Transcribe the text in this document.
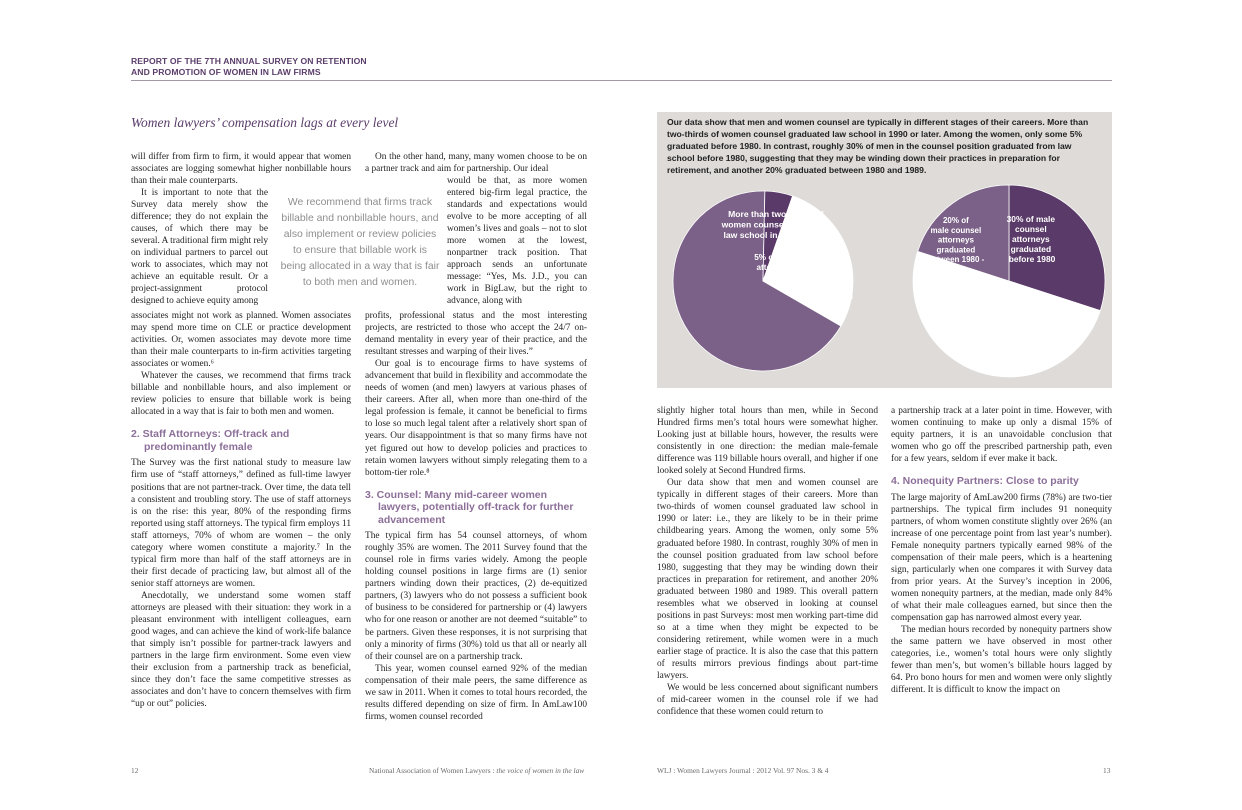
REPORT OF THE 7TH ANNUAL SURVEY ON RETENTION
AND PROMOTION OF WOMEN IN LAW FIRMS
Women lawyers’ compensation lags at every level

will differ from firm to firm, it would appear that women associates are logging somewhat higher nonbillable hours than their male counterparts.

It is important to note that the Survey data merely show the difference; they do not explain the causes, of which there may be several. A traditional firm might rely on individual partners to parcel out work to associates, which may not achieve an equitable result. Or a project-assignment protocol designed to achieve equity among

associates might not work as planned. Women associates may spend more time on CLE or practice development activities. Or, women associates may devote more time than their male counterparts to in-firm activities targeting associates or women.⁶

Whatever the causes, we recommend that firms track billable and nonbillable hours, and also implement or review policies to ensure that billable work is being allocated in a way that is fair to both men and women.

2. Staff Attorneys: Off-track and predominantly female

The Survey was the first national study to measure law firm use of “staff attorneys,” defined as full-time lawyer positions that are not partner-track. Over time, the data tell a consistent and troubling story. The use of staff attorneys is on the rise: this year, 80% of the responding firms reported using staff attorneys. The typical firm employs 11 staff attorneys, 70% of whom are women – the only category where women constitute a majority.⁷ In the typical firm more than half of the staff attorneys are in their first decade of practicing law, but almost all of the senior staff attorneys are women.

Anecdotally, we understand some women staff attorneys are pleased with their situation: they work in a pleasant environment with intelligent colleagues, earn good wages, and can achieve the kind of work-life balance that simply isn’t possible for partner-track lawyers and partners in the large firm environment. Some even view their exclusion from a partnership track as beneficial, since they don’t face the same competitive stresses as associates and don’t have to concern themselves with firm “up or out” policies.

We recommend that firms track billable and nonbillable hours, and also implement or review policies to ensure that billable work is being allocated in a way that is fair to both men and women.

On the other hand, many, many women choose to be on a partner track and aim for partnership. Our ideal

would be that, as more women entered big-firm legal practice, the standards and expectations would evolve to be more accepting of all women’s lives and goals – not to slot more women at the lowest, nonpartner track position. That approach sends an unfortunate message: “Yes, Ms. J.D., you can work in BigLaw, but the right to advance, along with

profits, professional status and the most interesting projects, are restricted to those who accept the 24/7 on-demand mentality in every year of their practice, and the resultant stresses and warping of their lives.”

Our goal is to encourage firms to have systems of advancement that build in flexibility and accommodate the needs of women (and men) lawyers at various phases of their careers. After all, when more than one-third of the legal profession is female, it cannot be beneficial to firms to lose so much legal talent after a relatively short span of years. Our disappointment is that so many firms have not yet figured out how to develop policies and practices to retain women lawyers without simply relegating them to a bottom-tier role.⁸

3. Counsel: Many mid-career women lawyers, potentially off-track for further advancement

The typical firm has 54 counsel attorneys, of whom roughly 35% are women. The 2011 Survey found that the counsel role in firms varies widely. Among the people holding counsel positions in large firms are (1) senior partners winding down their practices, (2) de-equitized partners, (3) lawyers who do not possess a sufficient book of business to be considered for partnership or (4) lawyers who for one reason or another are not deemed “suitable” to be partners. Given these responses, it is not surprising that only a minority of firms (30%) told us that all or nearly all of their counsel are on a partnership track.

This year, women counsel earned 92% of the median compensation of their male peers, the same difference as we saw in 2011. When it comes to total hours recorded, the results differed depending on size of firm. In AmLaw100 firms, women counsel recorded

Our data show that men and women counsel are typically in different stages of their careers. More than two-thirds of women counsel graduated law school in 1990 or later. Among the women, only some 5% graduated before 1980. In contrast, roughly 30% of men in the counsel position graduated from law school before 1980, suggesting that they may be winding down their practices in preparation for retirement, and another 20% graduated between 1980 and 1989.
More than two-thirds of women counsel graduated law school in 1990 or later
5% of female counsel attorneys graduated before 1980
20% of male counsel attorneys graduated between 1980 - 1989
30% of male counsel attorneys graduated before 1980

slightly higher total hours than men, while in Second Hundred firms men’s total hours were somewhat higher. Looking just at billable hours, however, the results were consistently in one direction: the median male-female difference was 119 billable hours overall, and higher if one looked solely at Second Hundred firms.

Our data show that men and women counsel are typically in different stages of their careers. More than two-thirds of women counsel graduated law school in 1990 or later: i.e., they are likely to be in their prime childbearing years. Among the women, only some 5% graduated before 1980. In contrast, roughly 30% of men in the counsel position graduated from law school before 1980, suggesting that they may be winding down their practices in preparation for retirement, and another 20% graduated between 1980 and 1989. This overall pattern resembles what we observed in looking at counsel positions in past Surveys: most men working part-time did so at a time when they might be expected to be considering retirement, while women were in a much earlier stage of practice. It is also the case that this pattern of results mirrors previous findings about part-time lawyers.

We would be less concerned about significant numbers of mid-career women in the counsel role if we had confidence that these women could return to

a partnership track at a later point in time. However, with women continuing to make up only a dismal 15% of equity partners, it is an unavoidable conclusion that women who go off the prescribed partnership path, even for a few years, seldom if ever make it back.

4. Nonequity Partners: Close to parity

The large majority of AmLaw200 firms (78%) are two-tier partnerships. The typical firm includes 91 nonequity partners, of whom women constitute slightly over 26% (an increase of one percentage point from last year’s number). Female nonequity partners typically earned 98% of the compensation of their male peers, which is a heartening sign, particularly when one compares it with Survey data from prior years. At the Survey’s inception in 2006, women nonequity partners, at the median, made only 84% of what their male colleagues earned, but since then the compensation gap has narrowed almost every year.

The median hours recorded by nonequity partners show the same pattern we have observed in most other categories, i.e., women’s total hours were only slightly fewer than men’s, but women’s billable hours lagged by 64. Pro bono hours for men and women were only slightly different. It is difficult to know the impact on

12	National Association of Women Lawyers : the voice of women in the law	WLJ : Women Lawyers Journal : 2012 Vol. 97 Nos. 3 & 4	13
